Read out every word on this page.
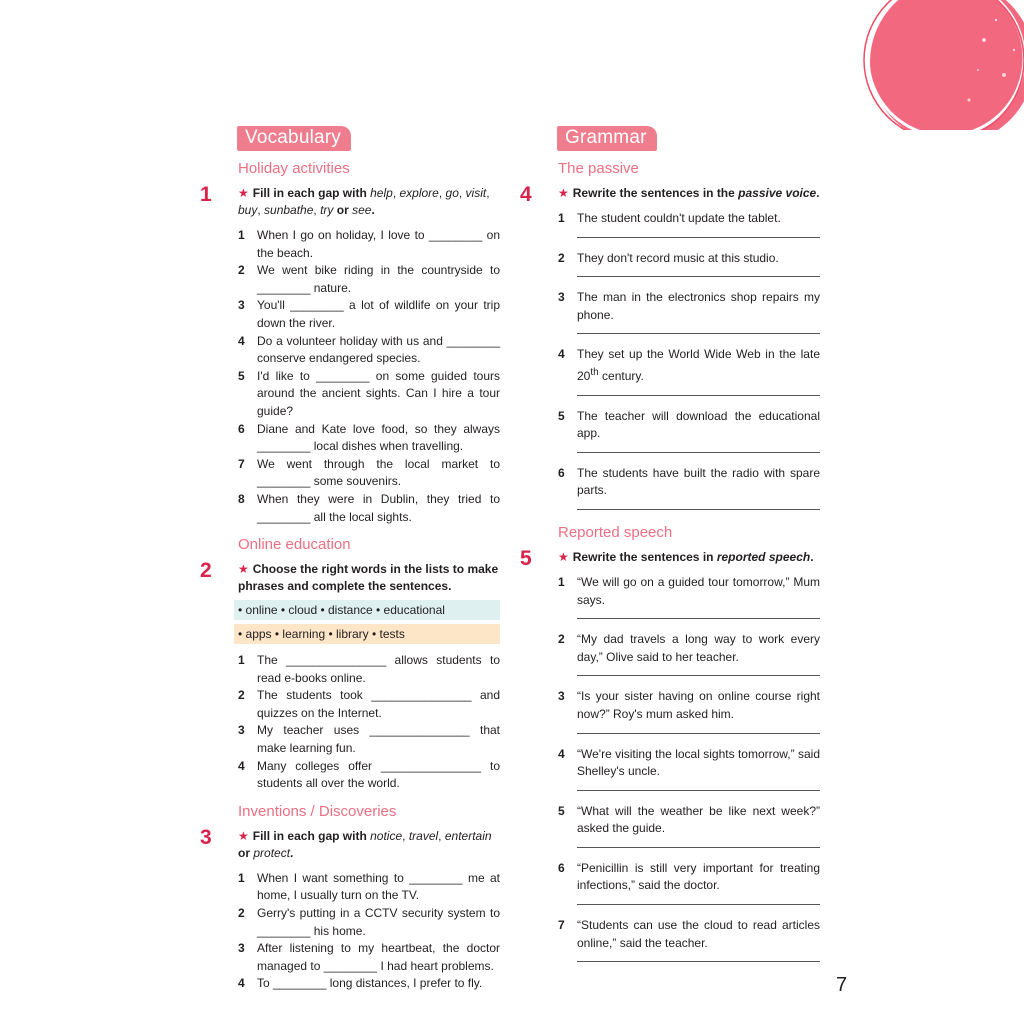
Vocabulary
Holiday activities
1 ★ Fill in each gap with help, explore, go, visit, buy, sunbathe, try or see.
1	When I go on holiday, I love to ________ on the beach.
2	We went bike riding in the countryside to ________ nature.
3	You'll ________ a lot of wildlife on your trip down the river.
4	Do a volunteer holiday with us and ________ conserve endangered species.
5	I'd like to ________ on some guided tours around the ancient sights. Can I hire a tour guide?
6	Diane and Kate love food, so they always ________ local dishes when travelling.
7	We went through the local market to ________ some souvenirs.
8	When they were in Dublin, they tried to ________ all the local sights.
Online education
2 ★ Choose the right words in the lists to make phrases and complete the sentences.
• online • cloud • distance • educational
• apps • learning • library • tests
1	The _______________ allows students to read e-books online.
2	The students took _______________ and quizzes on the Internet.
3	My teacher uses _______________ that make learning fun.
4	Many colleges offer _______________ to students all over the world.
Inventions / Discoveries
3 ★ Fill in each gap with notice, travel, entertain or protect.
1	When I want something to ________ me at home, I usually turn on the TV.
2	Gerry's putting in a CCTV security system to ________ his home.
3	After listening to my heartbeat, the doctor managed to ________ I had heart problems.
4	To ________ long distances, I prefer to fly.
Grammar
The passive
4 ★ Rewrite the sentences in the passive voice.
1	The student couldn't update the tablet.
2	They don't record music at this studio.
3	The man in the electronics shop repairs my phone.
4	They set up the World Wide Web in the late 20th century.
5	The teacher will download the educational app.
6	The students have built the radio with spare parts.
Reported speech
5 ★ Rewrite the sentences in reported speech.
1	“We will go on a guided tour tomorrow,” Mum says.
2	“My dad travels a long way to work every day,” Olive said to her teacher.
3	“Is your sister having on online course right now?” Roy's mum asked him.
4	“We're visiting the local sights tomorrow,” said Shelley's uncle.
5	“What will the weather be like next week?” asked the guide.
6	“Penicillin is still very important for treating infections,” said the doctor.
7	“Students can use the cloud to read articles online,” said the teacher.
7
